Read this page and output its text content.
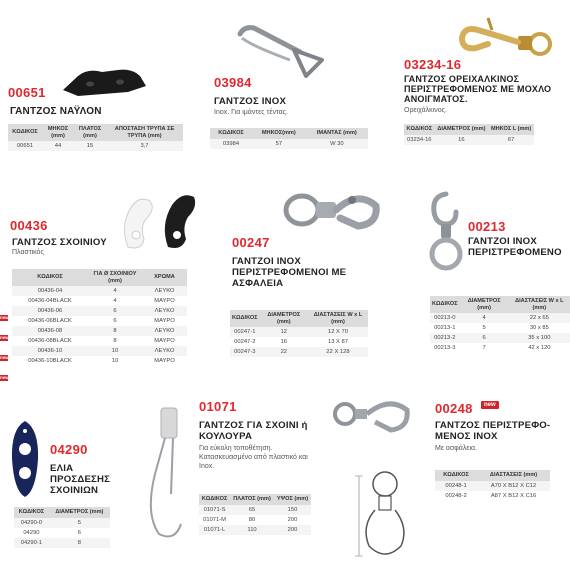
00651
ΓΑΝΤΖΟΣ ΝΑΫΛΟΝ
ΚΩΔΙΚΟΣ	ΜΗΚΟΣ (mm)	ΠΛΑΤΟΣ (mm)	ΑΠΟΣΤΑΣΗ ΤΡΥΠΑ ΣΕ ΤΡΥΠΑ (mm)
00651	44	15	3,7
03984
ΓΑΝΤΖΟΣ INOX
Inox. Για ιμάντες τέντας.
ΚΩΔΙΚΟΣ	ΜΗΚΟΣ(mm)	ΙΜΑΝΤΑΣ (mm)
03984	57	W 30
03234-16
ΓΑΝΤΖΟΣ ΟΡΕΙΧΑΛΚΙΝΟΣ ΠΕΡΙΣΤΡΕΦΟΜΕΝΟΣ ΜΕ ΜΟΧΛΟ ΑΝΟΙΓΜΑΤΟΣ.
Ορειχάλκινος.
ΚΩΔΙΚΟΣ	ΔΙΑΜΕΤΡΟΣ (mm)	ΜΗΚΟΣ L (mm)
03234-16	16	67
00436
ΓΑΝΤΖΟΣ ΣΧΟΙΝΙΟΥ
Πλαστικός
ΚΩΔΙΚΟΣ	ΓΙΑ Ø ΣΧΟΙΝΙΟΥ (mm)	ΧΡΩΜΑ
00436-04	4	ΛΕΥΚΟ
00436-04BLACK	4	ΜΑΥΡΟ
00436-06	6	ΛΕΥΚΟ
00436-06BLACK	6	ΜΑΥΡΟ
00436-08	8	ΛΕΥΚΟ
00436-08BLACK	8	ΜΑΥΡΟ
00436-10	10	ΛΕΥΚΟ
00436-10BLACK	10	ΜΑΥΡΟ
new
new
new
new
00247
ΓΑΝΤΖΟΙ INOX ΠΕΡΙΣΤΡΕΦΟΜΕΝΟΙ ΜΕ ΑΣΦΑΛΕΙΑ
ΚΩΔΙΚΟΣ	ΔΙΑΜΕΤΡΟΣ (mm)	ΔΙΑΣΤΑΣΕΙΣ W x L (mm)
00247-1	12	12 X 70
00247-2	16	13 X 87
00247-3	22	22 X 128
00213
ΓΑΝΤΖΟΙ INOX ΠΕΡΙΣΤΡΕΦΟΜΕΝΟ
ΚΩΔΙΚΟΣ	ΔΙΑΜΕΤΡΟΣ (mm)	ΔΙΑΣΤΑΣΕΙΣ W x L (mm)
00213-0	4	22 x 65
00213-1	5	30 x 85
00213-2	6	35 x 100
00213-3	7	42 x 120
04290
ΕΛΙΑ ΠΡΟΣΔΕΣΗΣ ΣΧΟΙΝΙΩΝ
ΚΩΔΙΚΟΣ	ΔΙΑΜΕΤΡΟΣ (mm)
04290-0	5
04290	6
04290-1	8
01071
ΓΑΝΤΖΟΣ ΓΙΑ ΣΧΟΙΝΙ ή ΚΟΥΛΟΥΡΑ
Για εύκολη τοποθέτηση. Κατασκευασμένο από πλαστικό και Inox.
ΚΩΔΙΚΟΣ	ΠΛΑΤΟΣ (mm)	ΥΨΟΣ (mm)
01071-S	65	150
01071-M	80	200
01071-L	110	200
00248	new
ΓΑΝΤΖΟΣ ΠΕΡΙΣΤΡΕΦΟ-ΜΕΝΟΣ INOX
Με ασφάλεια.
ΚΩΔΙΚΟΣ	ΔΙΑΣΤΑΣΕΙΣ (mm)
00248-1	A70 X B12 X C12
00248-2	A87 X B12 X C16
